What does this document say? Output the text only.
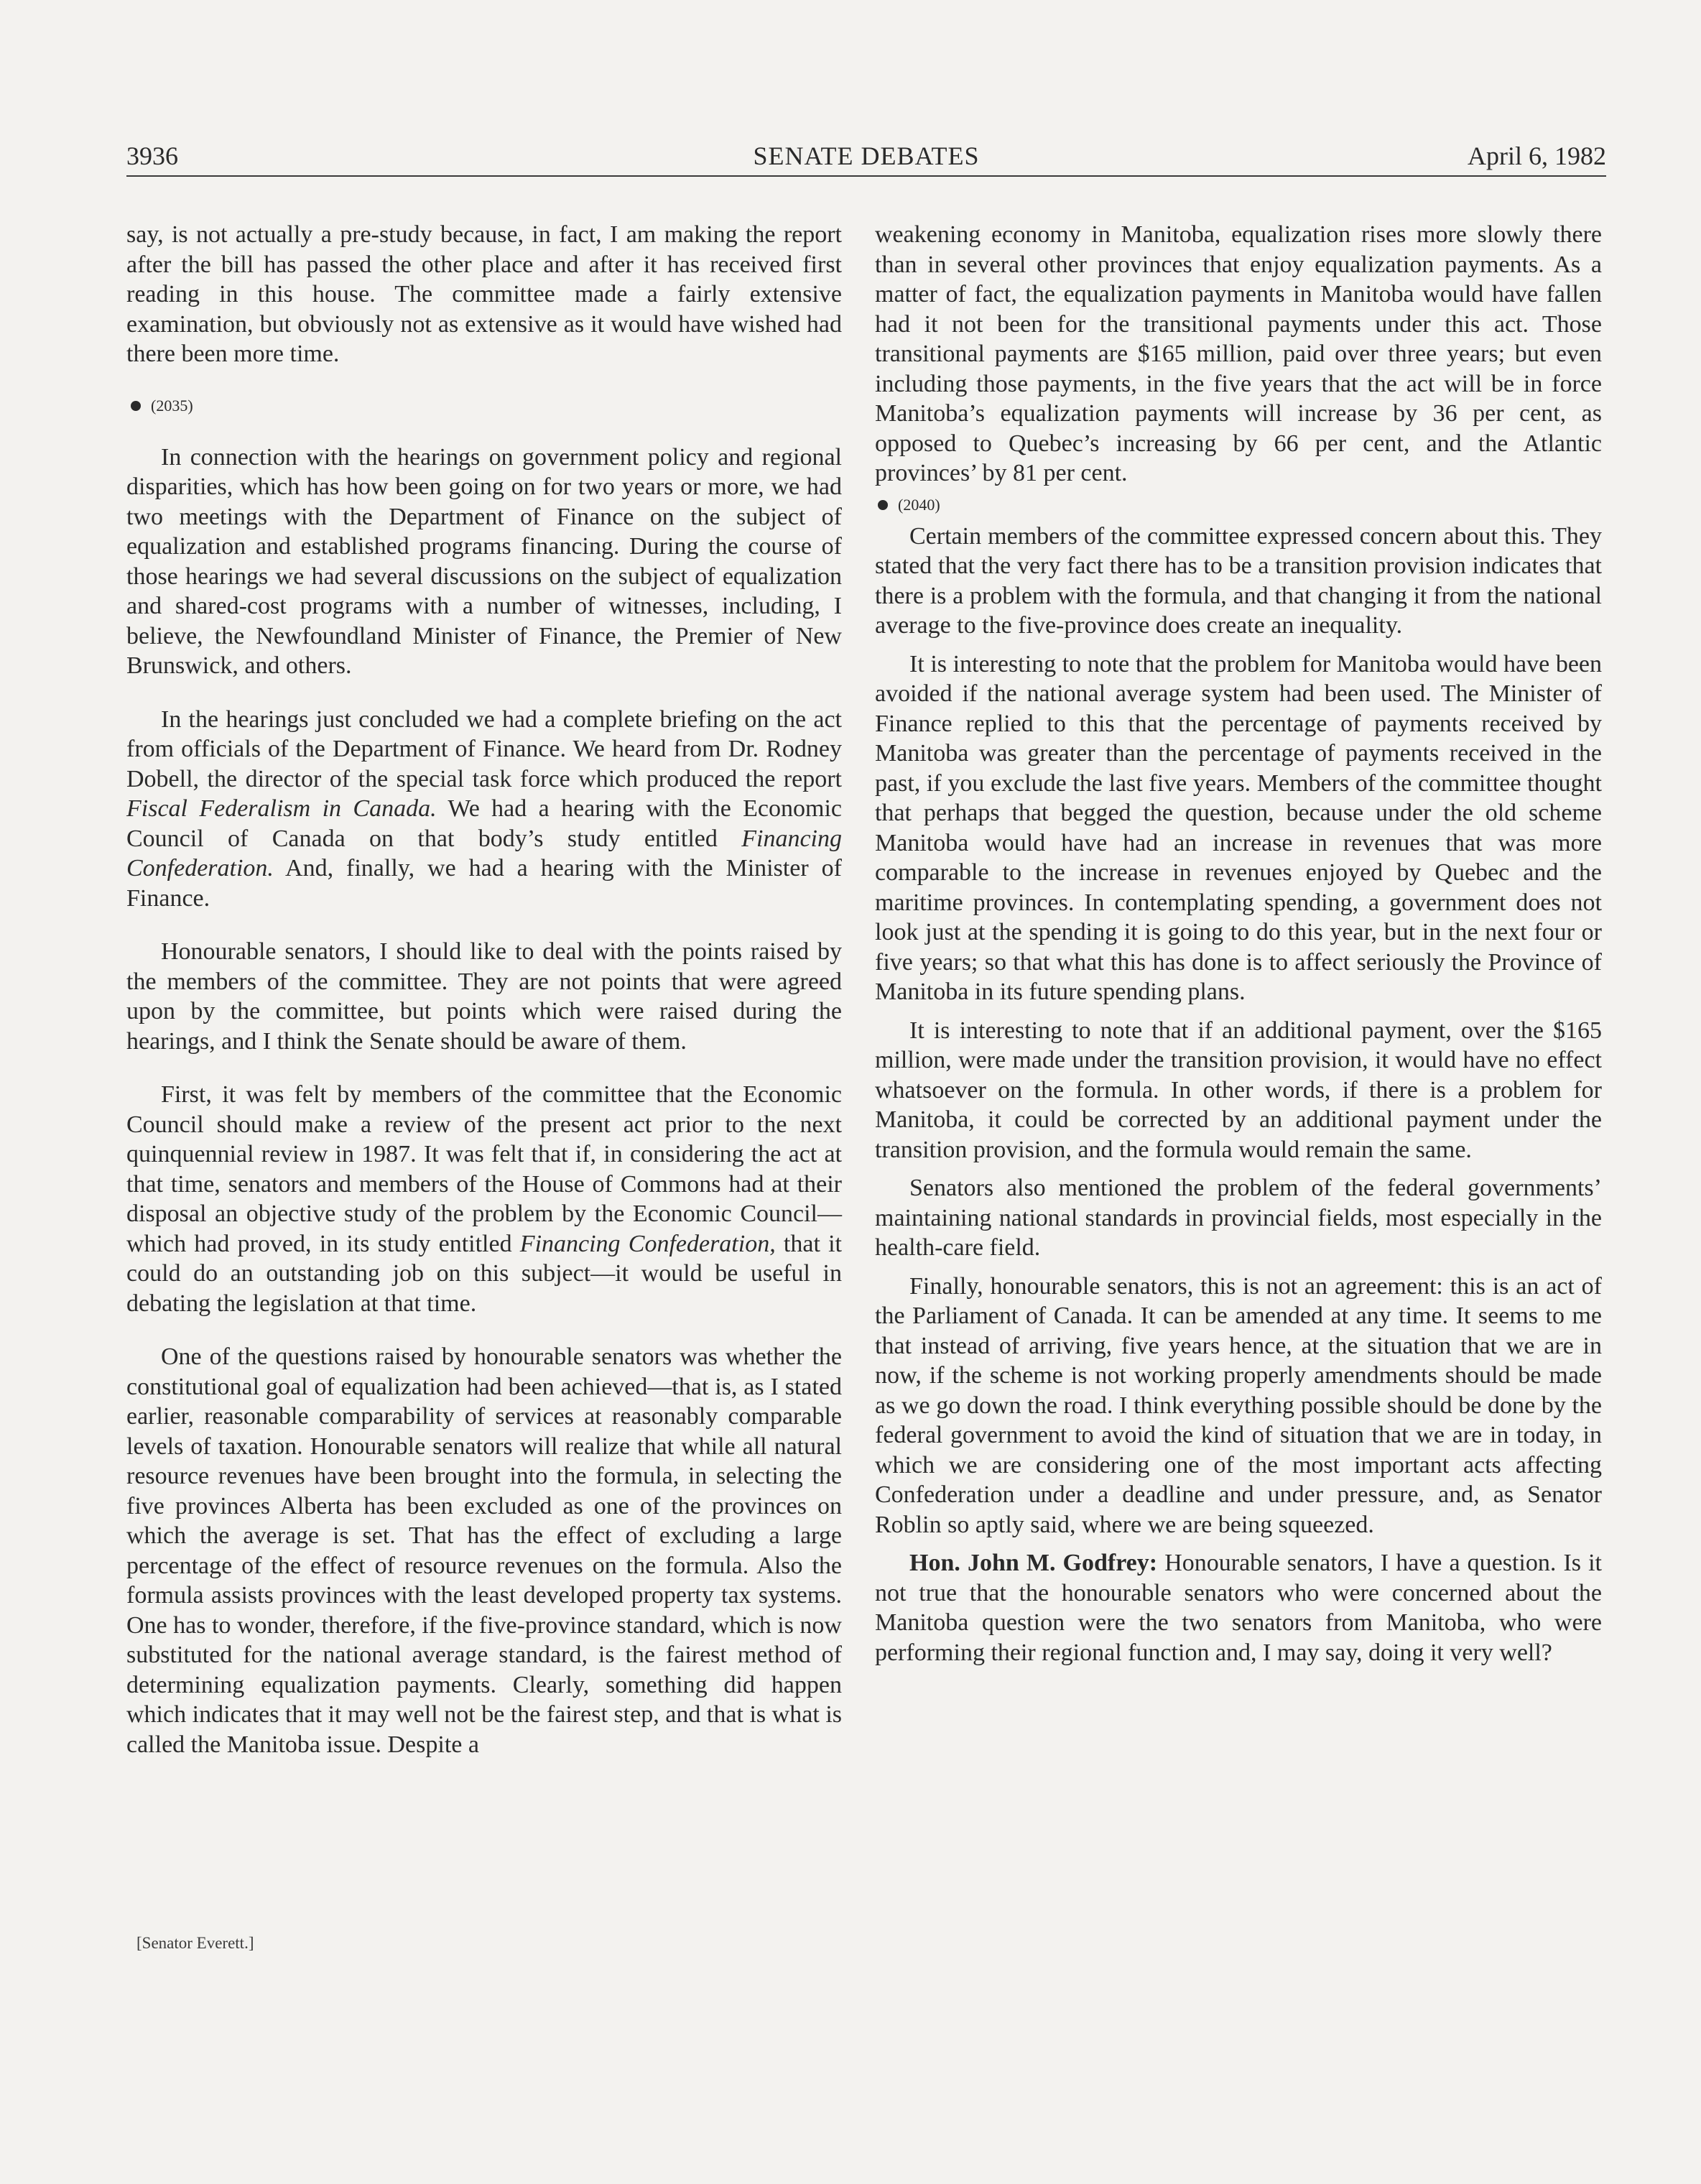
3936	SENATE DEBATES	April 6, 1982

say, is not actually a pre-study because, in fact, I am making the report after the bill has passed the other place and after it has received first reading in this house. The committee made a fairly extensive examination, but obviously not as extensive as it would have wished had there been more time.

(2035)

In connection with the hearings on government policy and regional disparities, which has how been going on for two years or more, we had two meetings with the Department of Finance on the subject of equalization and established programs financing. During the course of those hearings we had several discussions on the subject of equalization and shared-cost programs with a number of witnesses, including, I believe, the Newfoundland Minister of Finance, the Premier of New Brunswick, and others.

In the hearings just concluded we had a complete briefing on the act from officials of the Department of Finance. We heard from Dr. Rodney Dobell, the director of the special task force which produced the report Fiscal Federalism in Canada. We had a hearing with the Economic Council of Canada on that body’s study entitled Financing Confederation. And, finally, we had a hearing with the Minister of Finance.

Honourable senators, I should like to deal with the points raised by the members of the committee. They are not points that were agreed upon by the committee, but points which were raised during the hearings, and I think the Senate should be aware of them.

First, it was felt by members of the committee that the Economic Council should make a review of the present act prior to the next quinquennial review in 1987. It was felt that if, in considering the act at that time, senators and members of the House of Commons had at their disposal an objective study of the problem by the Economic Council—which had proved, in its study entitled Financing Confederation, that it could do an outstanding job on this subject—it would be useful in debating the legislation at that time.

One of the questions raised by honourable senators was whether the constitutional goal of equalization had been achieved—that is, as I stated earlier, reasonable comparability of services at reasonably comparable levels of taxation. Honourable senators will realize that while all natural resource revenues have been brought into the formula, in selecting the five provinces Alberta has been excluded as one of the provinces on which the average is set. That has the effect of excluding a large percentage of the effect of resource revenues on the formula. Also the formula assists provinces with the least developed property tax systems. One has to wonder, therefore, if the five-province standard, which is now substituted for the national average standard, is the fairest method of determining equalization payments. Clearly, something did happen which indicates that it may well not be the fairest step, and that is what is called the Manitoba issue. Despite a

weakening economy in Manitoba, equalization rises more slowly there than in several other provinces that enjoy equalization payments. As a matter of fact, the equalization payments in Manitoba would have fallen had it not been for the transitional payments under this act. Those transitional payments are $165 million, paid over three years; but even including those payments, in the five years that the act will be in force Manitoba’s equalization payments will increase by 36 per cent, as opposed to Quebec’s increasing by 66 per cent, and the Atlantic provinces’ by 81 per cent.

(2040)

Certain members of the committee expressed concern about this. They stated that the very fact there has to be a transition provision indicates that there is a problem with the formula, and that changing it from the national average to the five-province does create an inequality.

It is interesting to note that the problem for Manitoba would have been avoided if the national average system had been used. The Minister of Finance replied to this that the percentage of payments received by Manitoba was greater than the percentage of payments received in the past, if you exclude the last five years. Members of the committee thought that perhaps that begged the question, because under the old scheme Manitoba would have had an increase in revenues that was more comparable to the increase in revenues enjoyed by Quebec and the maritime provinces. In contemplating spending, a government does not look just at the spending it is going to do this year, but in the next four or five years; so that what this has done is to affect seriously the Province of Manitoba in its future spending plans.

It is interesting to note that if an additional payment, over the $165 million, were made under the transition provision, it would have no effect whatsoever on the formula. In other words, if there is a problem for Manitoba, it could be corrected by an additional payment under the transition provision, and the formula would remain the same.

Senators also mentioned the problem of the federal governments’ maintaining national standards in provincial fields, most especially in the health-care field.

Finally, honourable senators, this is not an agreement: this is an act of the Parliament of Canada. It can be amended at any time. It seems to me that instead of arriving, five years hence, at the situation that we are in now, if the scheme is not working properly amendments should be made as we go down the road. I think everything possible should be done by the federal government to avoid the kind of situation that we are in today, in which we are considering one of the most important acts affecting Confederation under a deadline and under pressure, and, as Senator Roblin so aptly said, where we are being squeezed.

Hon. John M. Godfrey: Honourable senators, I have a question. Is it not true that the honourable senators who were concerned about the Manitoba question were the two senators from Manitoba, who were performing their regional function and, I may say, doing it very well?

[Senator Everett.]
